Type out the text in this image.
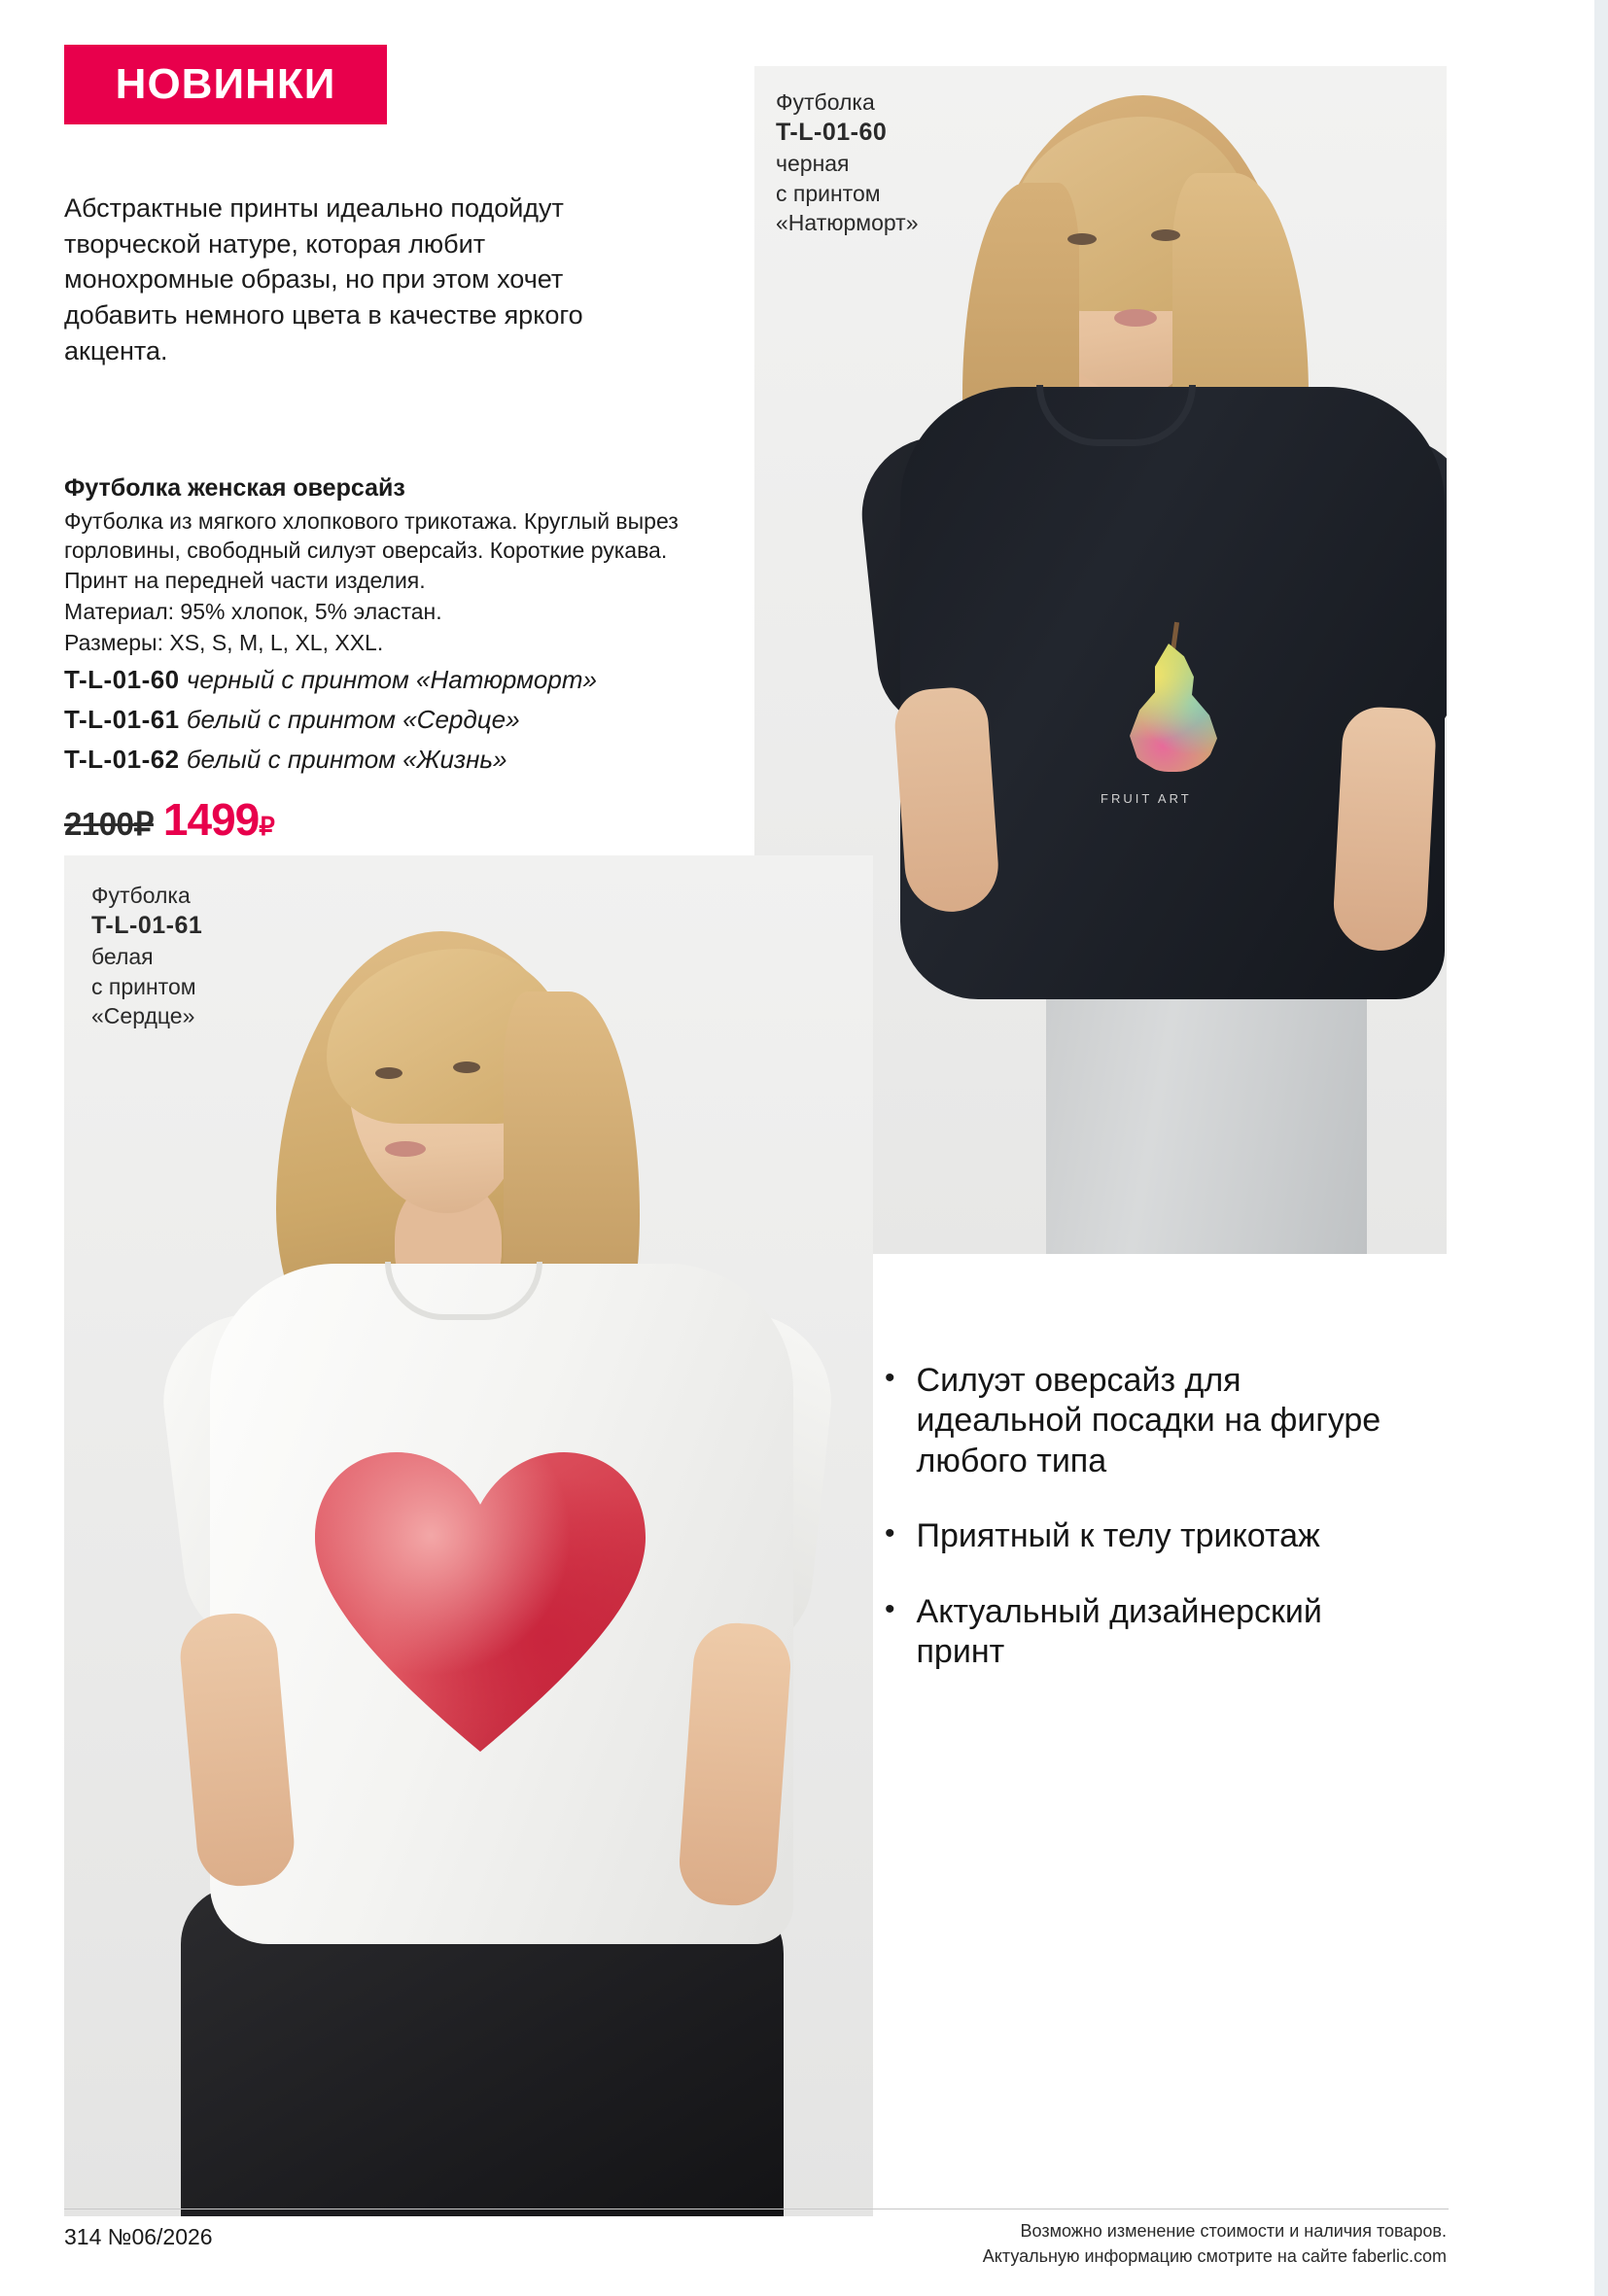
НОВИНКИ
Абстрактные принты идеально подойдут творческой натуре, которая любит монохромные образы, но при этом хочет добавить немного цвета в качестве яркого акцента.
Футболка женская оверсайз
Футболка из мягкого хлопкового трикотажа. Круглый вырез горловины, свободный силуэт оверсайз. Короткие рукава. Принт на передней части изделия.
Материал: 95% хлопок, 5% эластан.
Размеры: XS, S, M, L, XL, XXL.
T-L-01-60 черный с принтом «Натюрморт»
T-L-01-61 белый с принтом «Сердце»
T-L-01-62 белый с принтом «Жизнь»
2100₽ 1499₽
FRUIT ART
Футболка
T-L-01-60
черная
с принтом
«Натюрморт»
Футболка
T-L-01-61
белая
с принтом
«Сердце»
• Силуэт оверсайз для идеальной посадки на фигуре любого типа
• Приятный к телу трикотаж
• Актуальный дизайнерский принт
314 №06/2026	Возможно изменение стоимости и наличия товаров.
Актуальную информацию смотрите на сайте faberlic.com
